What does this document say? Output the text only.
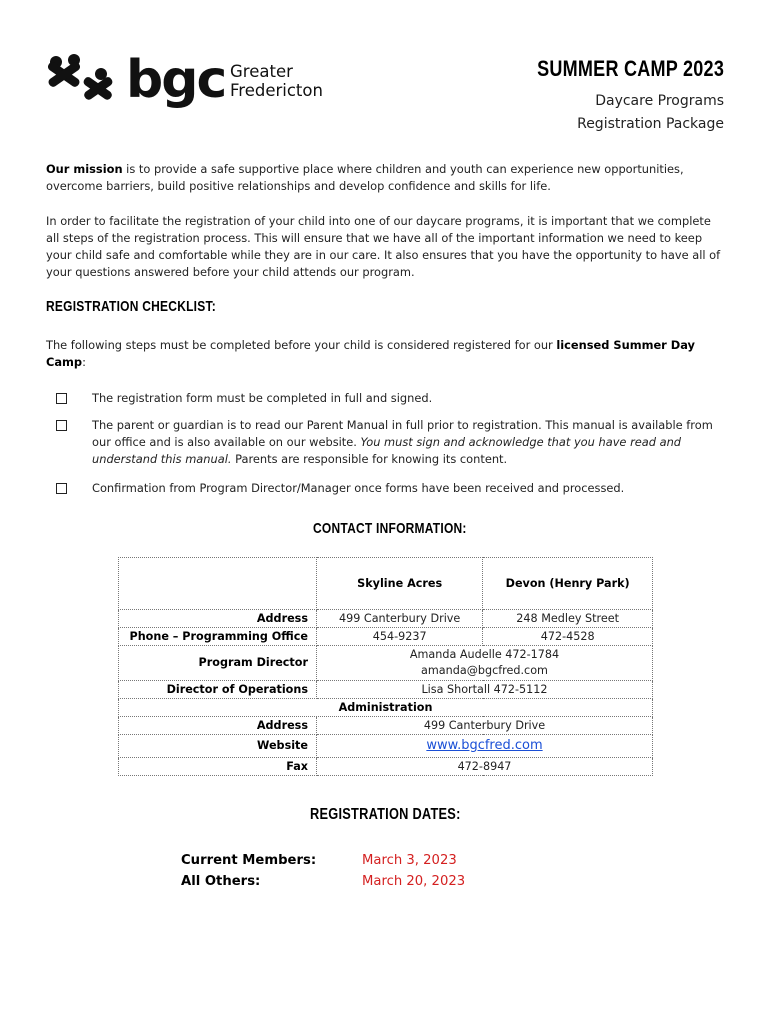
bgc Greater
Fredericton
SUMMER CAMP 2023
Daycare Programs
Registration Package
Our mission is to provide a safe supportive place where children and youth can experience new opportunities, overcome barriers, build positive relationships and develop confidence and skills for life.
In order to facilitate the registration of your child into one of our daycare programs, it is important that we complete all steps of the registration process. This will ensure that we have all of the important information we need to keep your child safe and comfortable while they are in our care. It also ensures that you have the opportunity to have all of your questions answered before your child attends our program.
REGISTRATION CHECKLIST:
The following steps must be completed before your child is considered registered for our licensed Summer Day Camp:
The registration form must be completed in full and signed.
The parent or guardian is to read our Parent Manual in full prior to registration. This manual is available from our office and is also available on our website. You must sign and acknowledge that you have read and understand this manual. Parents are responsible for knowing its content.
Confirmation from Program Director/Manager once forms have been received and processed.
CONTACT INFORMATION:
	Skyline Acres	Devon (Henry Park)
Address	499 Canterbury Drive	248 Medley Street
Phone – Programming Office	454-9237	472-4528
Program Director	Amanda Audelle 472-1784
amanda@bgcfred.com	

Director of Operations	Lisa Shortall 472-5112	
Administration		
Address	499 Canterbury Drive	
Website	www.bgcfred.com	
Fax	472-8947	
REGISTRATION DATES:
Current Members:	March 3, 2023
All Others:	March 20, 2023
